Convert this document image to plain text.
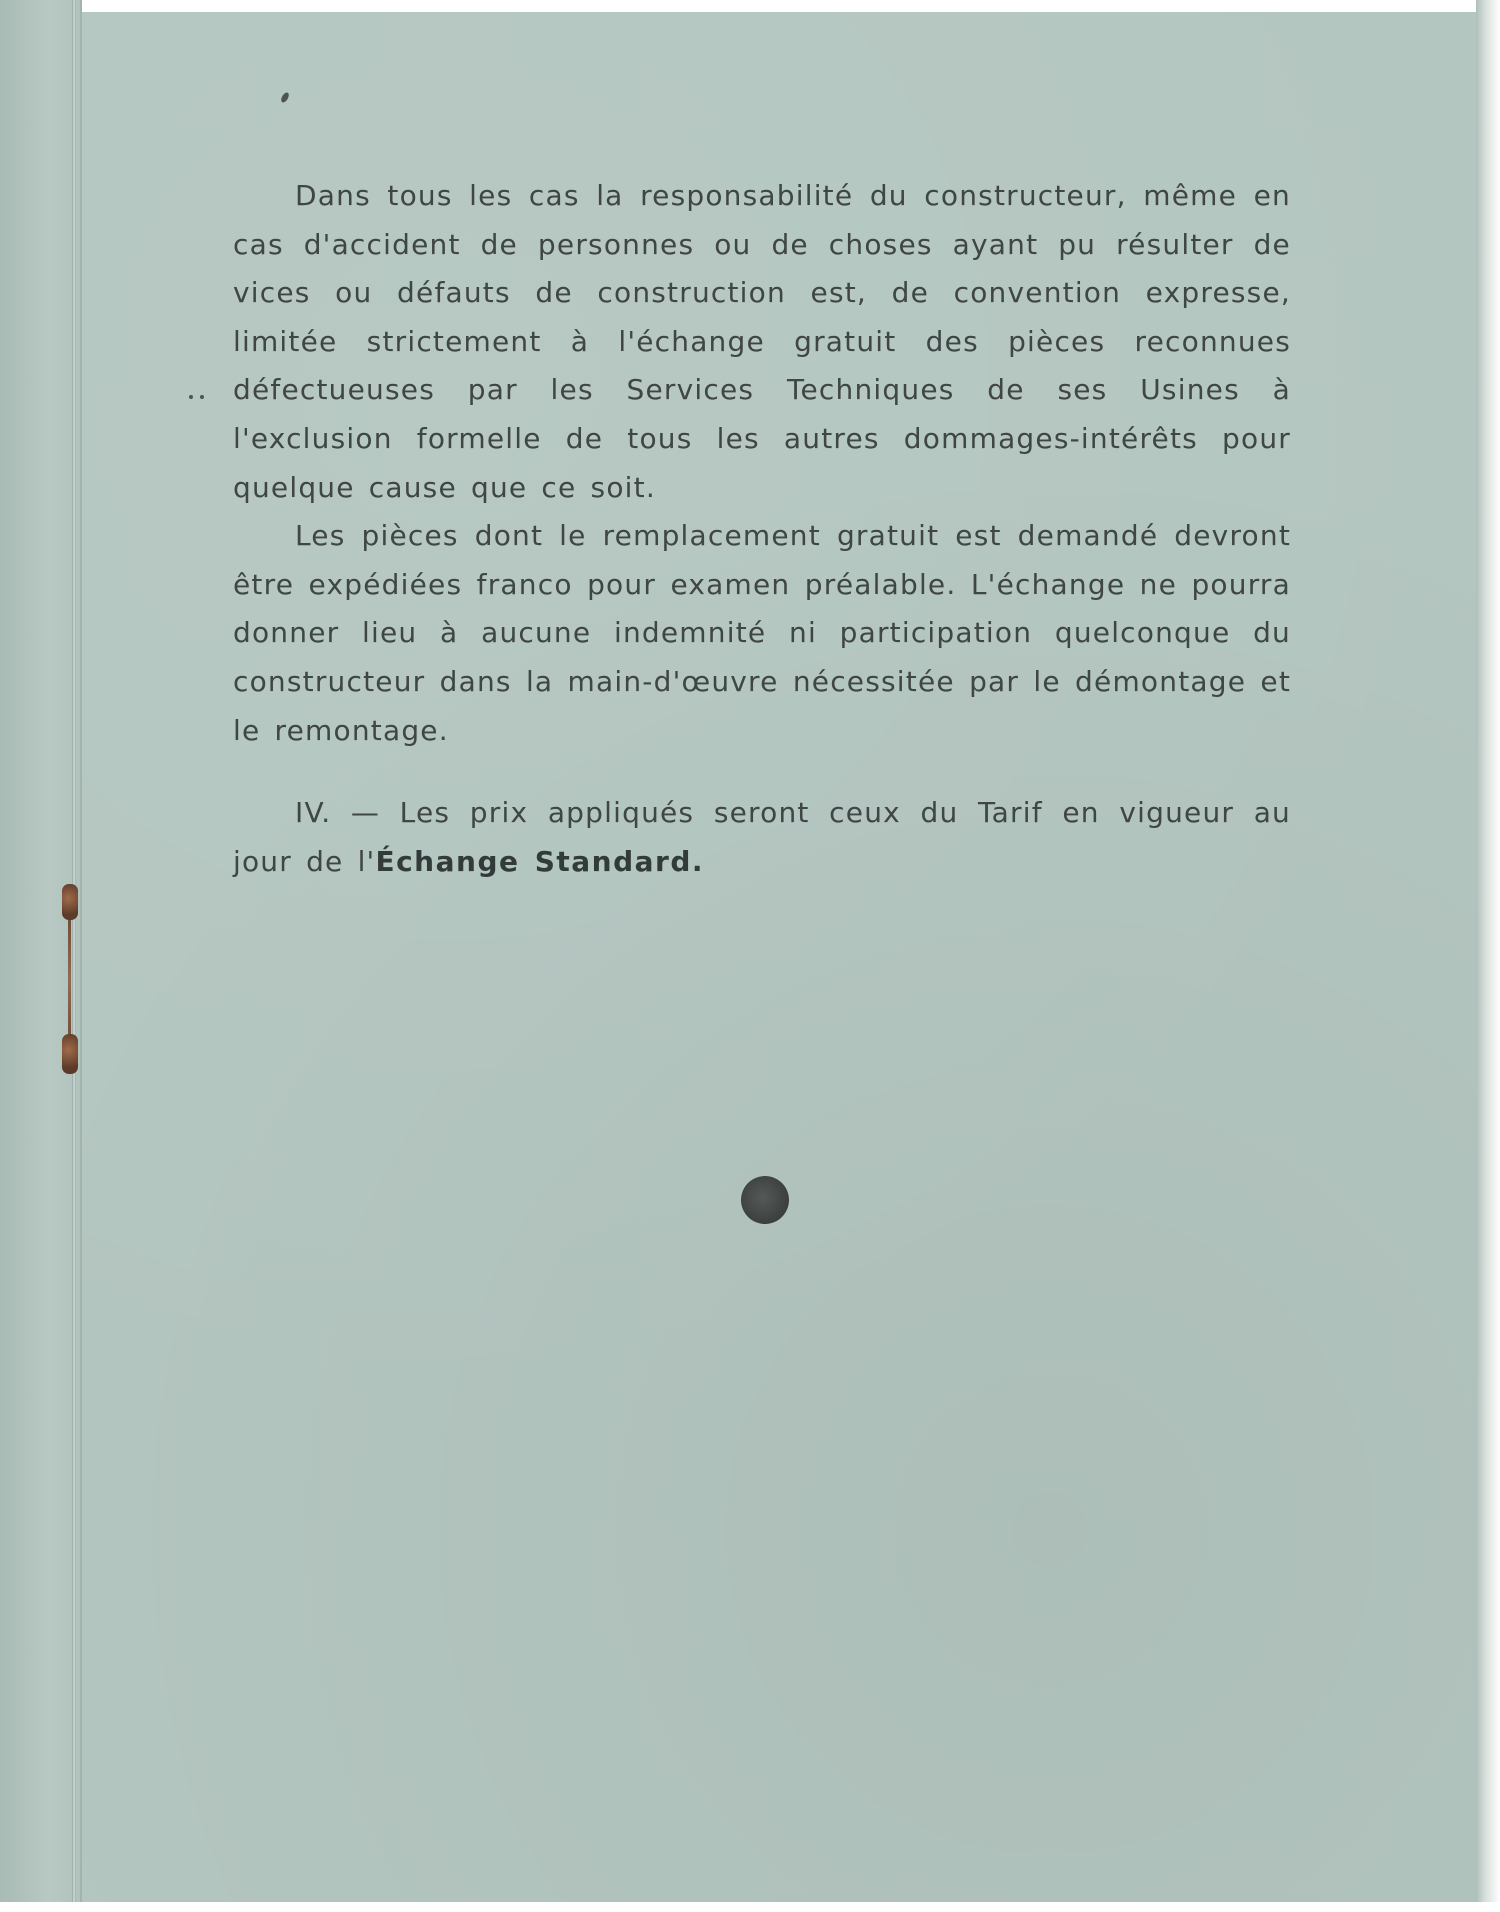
Dans tous les cas la responsabilité du constructeur, même en cas d'accident de personnes ou de choses ayant pu résulter de vices ou défauts de construction est, de convention expresse, limitée strictement à l'échange gratuit des pièces reconnues défectueuses par les Services Techniques de ses Usines à l'exclusion formelle de tous les autres dommages-intérêts pour quelque cause que ce soit.

Les pièces dont le remplacement gratuit est demandé devront être expédiées franco pour examen préalable. L'échange ne pourra donner lieu à aucune indemnité ni participation quelconque du constructeur dans la main-d'œuvre nécessitée par le démontage et le remontage.

IV. — Les prix appliqués seront ceux du Tarif en vigueur au jour de l'Échange Standard.
